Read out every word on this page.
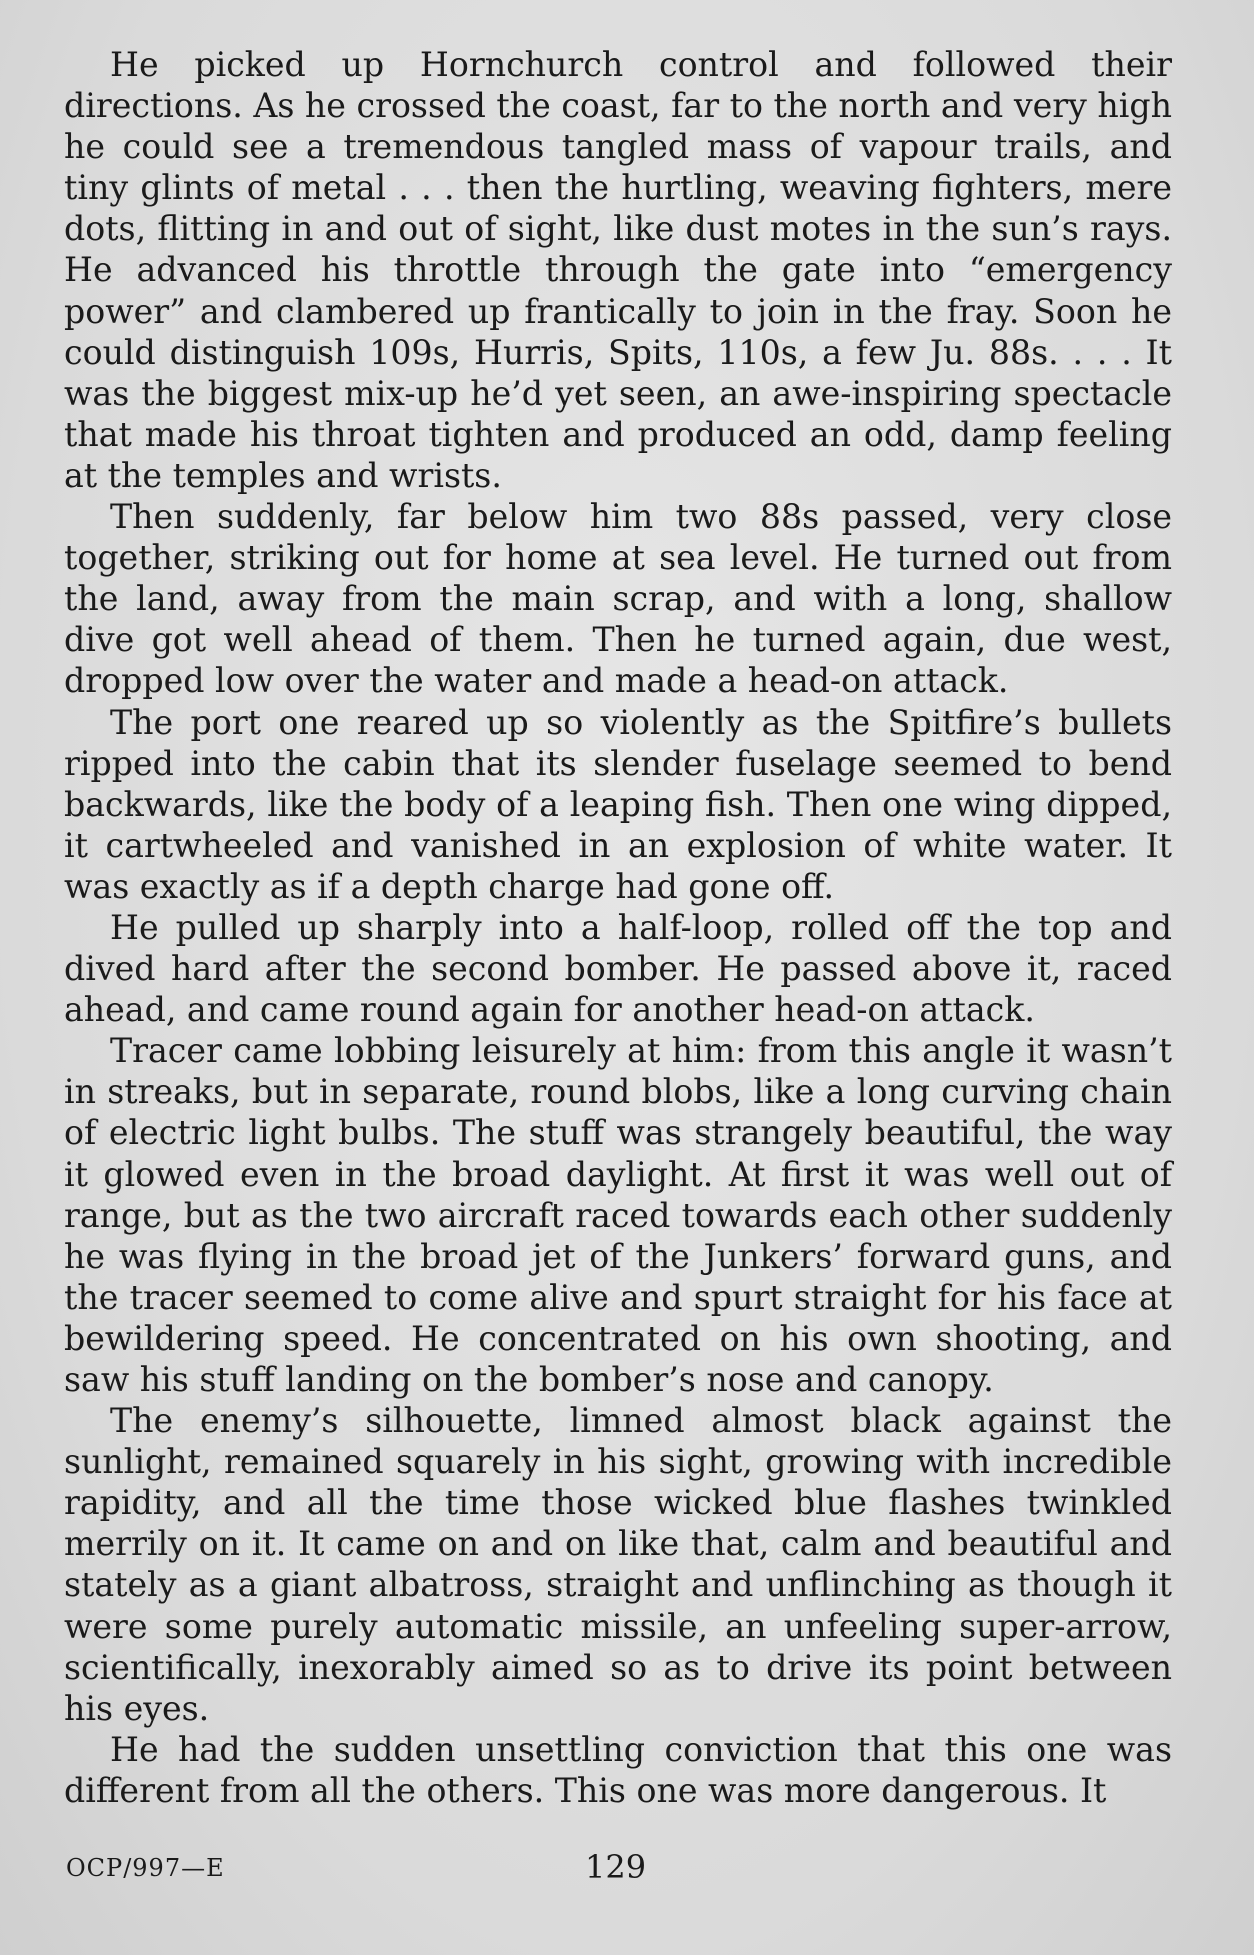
He picked up Hornchurch control and followed their directions. As he crossed the coast, far to the north and very high he could see a tremendous tangled mass of vapour trails, and tiny glints of metal . . . then the hurtling, weaving fighters, mere dots, flitting in and out of sight, like dust motes in the sun’s rays. He advanced his throttle through the gate into “emergency power” and clambered up frantically to join in the fray. Soon he could distinguish 109s, Hurris, Spits, 110s, a few Ju. 88s. . . . It was the biggest mix-up he’d yet seen, an awe-inspiring spectacle that made his throat tighten and produced an odd, damp feeling at the temples and wrists.

Then suddenly, far below him two 88s passed, very close together, striking out for home at sea level. He turned out from the land, away from the main scrap, and with a long, shallow dive got well ahead of them. Then he turned again, due west, dropped low over the water and made a head-on attack.

The port one reared up so violently as the Spitfire’s bullets ripped into the cabin that its slender fuselage seemed to bend backwards, like the body of a leaping fish. Then one wing dipped, it cartwheeled and vanished in an explosion of white water. It was exactly as if a depth charge had gone off.

He pulled up sharply into a half-loop, rolled off the top and dived hard after the second bomber. He passed above it, raced ahead, and came round again for another head-on attack.

Tracer came lobbing leisurely at him: from this angle it wasn’t in streaks, but in separate, round blobs, like a long curving chain of electric light bulbs. The stuff was strangely beautiful, the way it glowed even in the broad daylight. At first it was well out of range, but as the two aircraft raced towards each other suddenly he was flying in the broad jet of the Junkers’ forward guns, and the tracer seemed to come alive and spurt straight for his face at bewildering speed. He concentrated on his own shooting, and saw his stuff landing on the bomber’s nose and canopy.

The enemy’s silhouette, limned almost black against the sunlight, remained squarely in his sight, growing with incredible rapidity, and all the time those wicked blue flashes twinkled merrily on it. It came on and on like that, calm and beautiful and stately as a giant albatross, straight and unflinching as though it were some purely automatic missile, an unfeeling super-arrow, scientifically, inexorably aimed so as to drive its point between his eyes.

He had the sudden unsettling conviction that this one was different from all the others. This one was more dangerous. It

OCP/997—E	129
